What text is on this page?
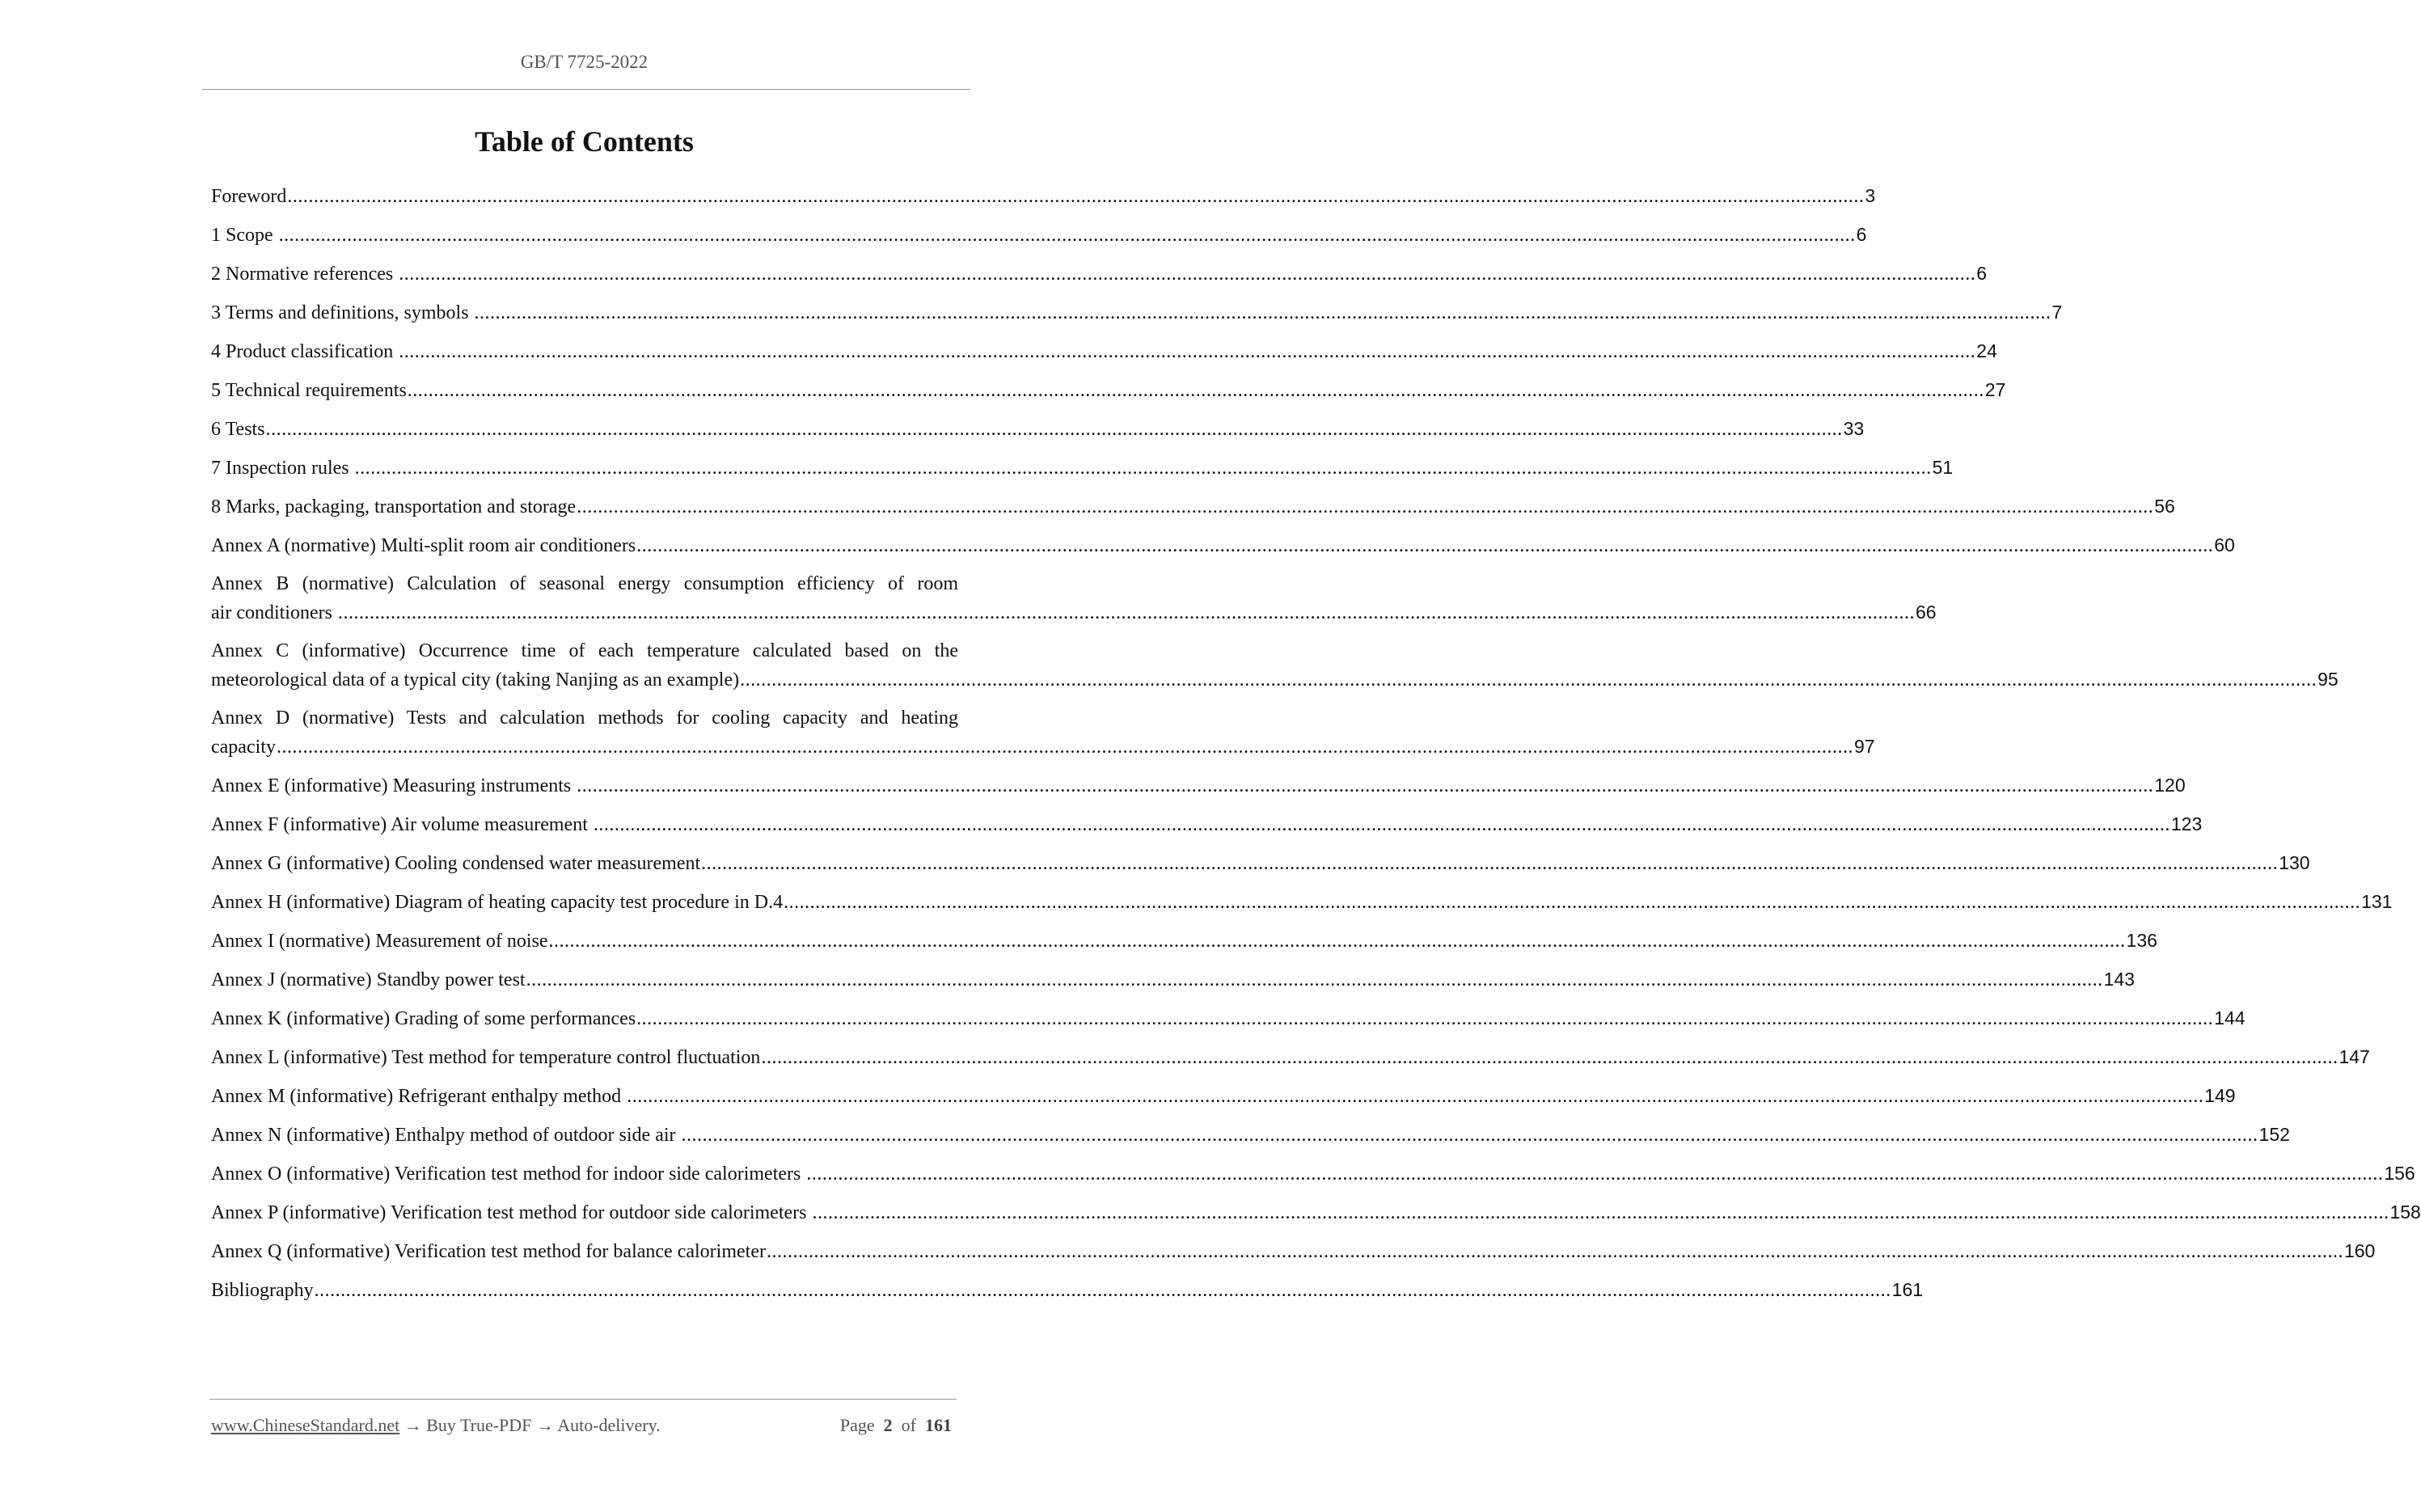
GB/T 7725-2022
Table of Contents
Foreword ............................................................................................................................................................................................................................................................................................................ 3
1 Scope ............................................................................................................................................................................................................................................................................................................ 6
2 Normative references ............................................................................................................................................................................................................................................................................................................ 6
3 Terms and definitions, symbols ............................................................................................................................................................................................................................................................................................................ 7
4 Product classification ............................................................................................................................................................................................................................................................................................................ 24
5 Technical requirements ............................................................................................................................................................................................................................................................................................................ 27
6 Tests ............................................................................................................................................................................................................................................................................................................ 33
7 Inspection rules ............................................................................................................................................................................................................................................................................................................ 51
8 Marks, packaging, transportation and storage ............................................................................................................................................................................................................................................................................................................ 56
Annex A (normative) Multi-split room air conditioners ............................................................................................................................................................................................................................................................................................................ 60
Annex B (normative) Calculation of seasonal energy consumption efficiency of room
air conditioners ............................................................................................................................................................................................................................................................................................................ 66
Annex C (informative) Occurrence time of each temperature calculated based on the
meteorological data of a typical city (taking Nanjing as an example) ............................................................................................................................................................................................................................................................................................................ 95
Annex D (normative) Tests and calculation methods for cooling capacity and heating
capacity ............................................................................................................................................................................................................................................................................................................ 97
Annex E (informative) Measuring instruments ............................................................................................................................................................................................................................................................................................................ 120
Annex F (informative) Air volume measurement ............................................................................................................................................................................................................................................................................................................ 123
Annex G (informative) Cooling condensed water measurement ............................................................................................................................................................................................................................................................................................................ 130
Annex H (informative) Diagram of heating capacity test procedure in D.4 ............................................................................................................................................................................................................................................................................................................ 131
Annex I (normative) Measurement of noise ............................................................................................................................................................................................................................................................................................................ 136
Annex J (normative) Standby power test ............................................................................................................................................................................................................................................................................................................ 143
Annex K (informative) Grading of some performances ............................................................................................................................................................................................................................................................................................................ 144
Annex L (informative) Test method for temperature control fluctuation ............................................................................................................................................................................................................................................................................................................ 147
Annex M (informative) Refrigerant enthalpy method ............................................................................................................................................................................................................................................................................................................ 149
Annex N (informative) Enthalpy method of outdoor side air ............................................................................................................................................................................................................................................................................................................ 152
Annex O (informative) Verification test method for indoor side calorimeters ............................................................................................................................................................................................................................................................................................................ 156
Annex P (informative) Verification test method for outdoor side calorimeters ............................................................................................................................................................................................................................................................................................................ 158
Annex Q (informative) Verification test method for balance calorimeter ............................................................................................................................................................................................................................................................................................................ 160
Bibliography ............................................................................................................................................................................................................................................................................................................ 161
www.ChineseStandard.net → Buy True-PDF → Auto-delivery.	Page 2 of 161
